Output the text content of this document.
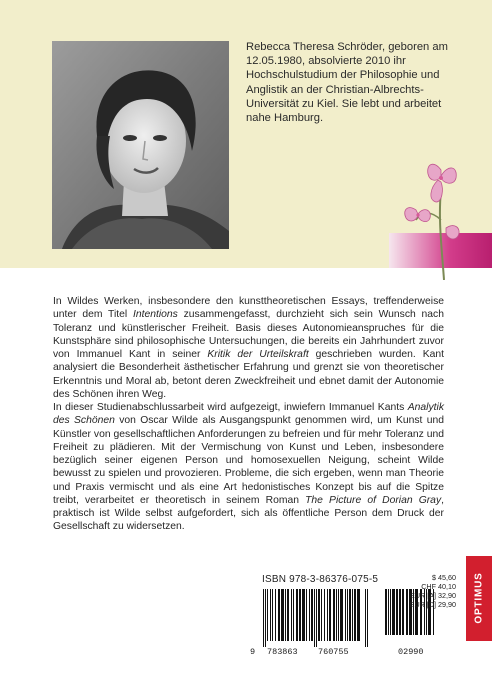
Rebecca Theresa Schröder, geboren am 12.05.1980, absolvierte 2010 ihr Hochschulstudium der Philosophie und Anglistik an der Christian-Albrechts-Universität zu Kiel. Sie lebt und arbeitet nahe Hamburg.

In Wildes Werken, insbesondere den kunsttheoretischen Essays, treffenderweise unter dem Titel Intentions zusammengefasst, durchzieht sich sein Wunsch nach Toleranz und künstlerischer Freiheit. Basis dieses Autonomieanspruches für die Kunstsphäre sind philosophische Untersuchungen, die bereits ein Jahrhundert zuvor von Immanuel Kant in seiner Kritik der Urteilskraft geschrieben wurden. Kant analysiert die Besonderheit ästhetischer Erfahrung und grenzt sie von theoretischer Erkenntnis und Moral ab, betont deren Zweckfreiheit und ebnet damit der Autonomie des Schönen ihren Weg.

In dieser Studienabschlussarbeit wird aufgezeigt, inwiefern Immanuel Kants Analytik des Schönen von Oscar Wilde als Ausgangspunkt genommen wird, um Kunst und Künstler von gesellschaftlichen Anforderungen zu befreien und für mehr Toleranz und Freiheit zu plädieren. Mit der Vermischung von Kunst und Leben, insbesondere bezüglich seiner eigenen Person und homosexuellen Neigung, scheint Wilde bewusst zu spielen und provozieren. Probleme, die sich ergeben, wenn man Theorie und Praxis vermischt und als eine Art hedonistisches Konzept bis auf die Spitze treibt, verarbeitet er theoretisch in seinem Roman The Picture of Dorian Gray, praktisch ist Wilde selbst aufgefordert, sich als öffentliche Person dem Druck der Gesellschaft zu widersetzen.

ISBN 978-3-86376-075-5
9 783863 760755	02990
$ 45,60
CHF 40,10
EUR [A] 32,90
EUR [D] 29,90 OPTIMUS
